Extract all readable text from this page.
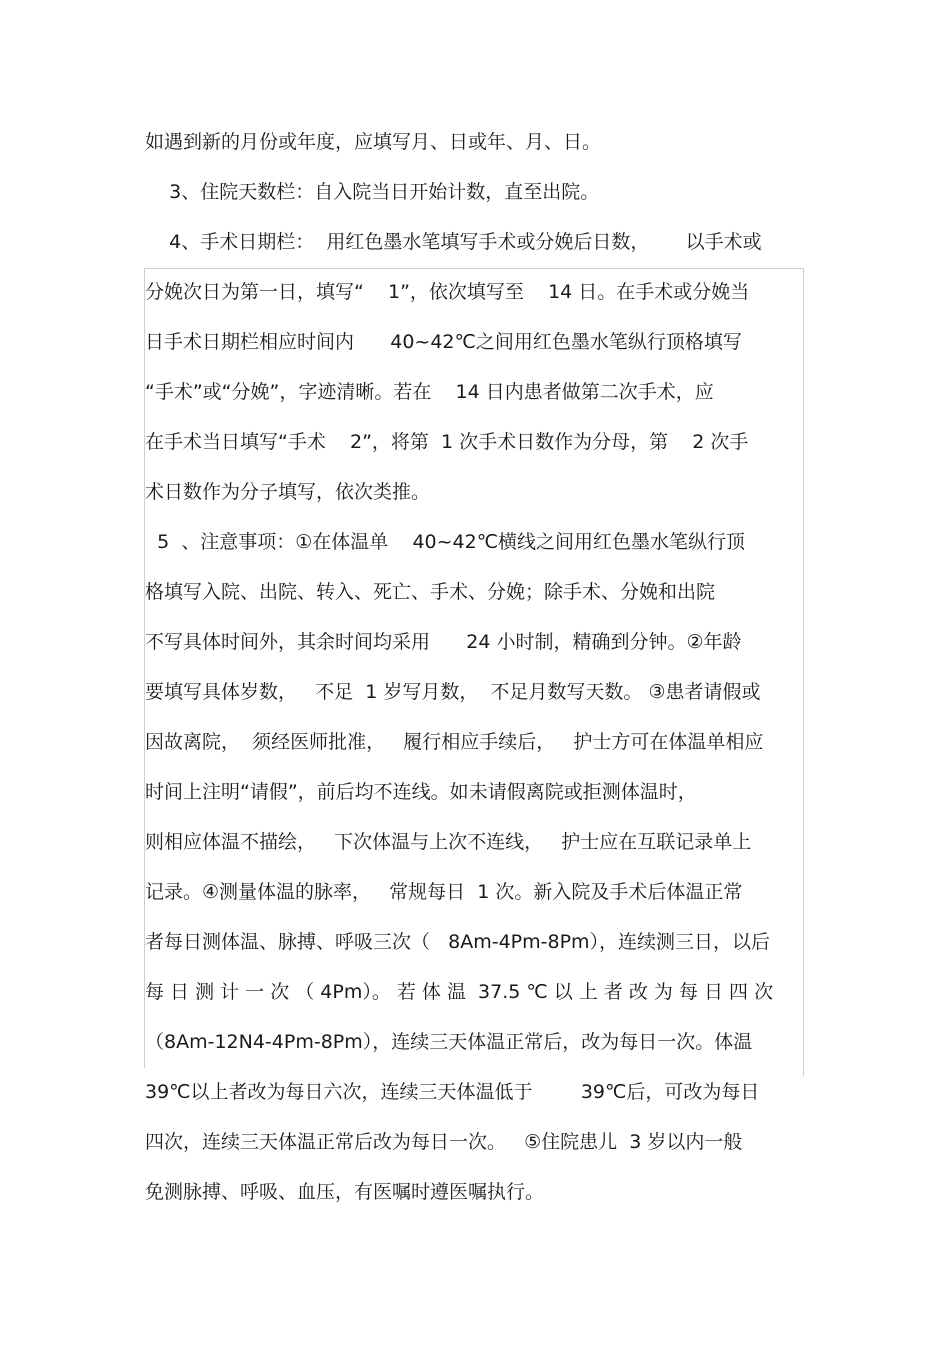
如遇到新的月份或年度，应填写月、日或年、月、日。
3、住院天数栏：自入院当日开始计数，直至出院。
4、手术日期栏：  用红色墨水笔填写手术或分娩后日数，      以手术或
分娩次日为第一日，填写“    1”，依次填写至    14 日。在手术或分娩当
日手术日期栏相应时间内      40~42℃之间用红色墨水笔纵行顶格填写
“手术”或“分娩”，字迹清晰。若在    14 日内患者做第二次手术，应
在手术当日填写“手术    2”，将第  1 次手术日数作为分母，第    2 次手
术日数作为分子填写，依次类推。
5  、注意事项：①在体温单    40~42℃横线之间用红色墨水笔纵行顶
格填写入院、出院、转入、死亡、手术、分娩；除手术、分娩和出院
不写具体时间外，其余时间均采用      24 小时制，精确到分钟。②年龄
要填写具体岁数，   不足  1 岁写月数，  不足月数写天数。 ③患者请假或
因故离院，  须经医师批准，   履行相应手续后，   护士方可在体温单相应
时间上注明“请假”，前后均不连线。如未请假离院或拒测体温时，
则相应体温不描绘，   下次体温与上次不连线，   护士应在互联记录单上
记录。④测量体温的脉率，   常规每日  1 次。新入院及手术后体温正常
者每日测体温、脉搏、呼吸三次（   8Am-4Pm-8Pm），连续测三日，以后
每 日 测 计 一 次 （ 4Pm）。 若 体 温  37.5 ℃ 以 上 者 改 为 每 日 四 次
（8Am-12N4-4Pm-8Pm），连续三天体温正常后，改为每日一次。体温
39℃以上者改为每日六次，连续三天体温低于        39℃后，可改为每日
四次，连续三天体温正常后改为每日一次。   ⑤住院患儿  3 岁以内一般
免测脉搏、呼吸、血压，有医嘱时遵医嘱执行。
